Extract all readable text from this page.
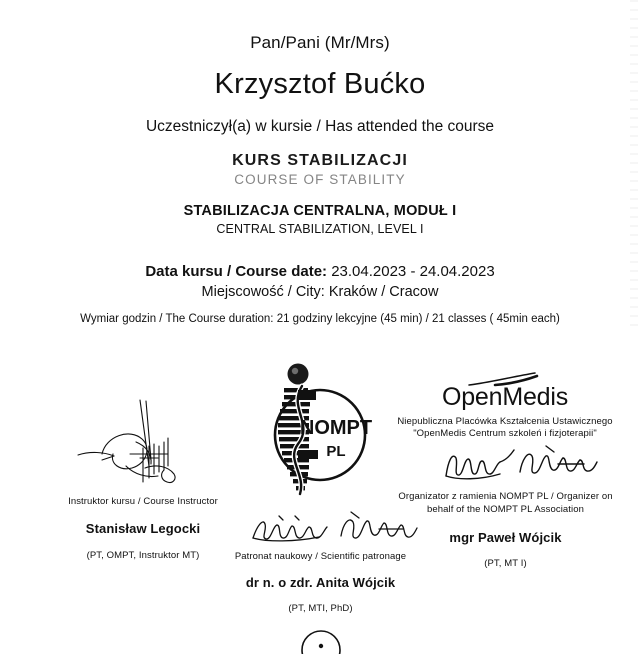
Pan/Pani (Mr/Mrs)
Krzysztof Bućko
Uczestniczył(a) w kursie / Has attended the course
KURS STABILIZACJI
COURSE OF STABILITY
STABILIZACJA CENTRALNA, MODUŁ I
CENTRAL STABILIZATION, LEVEL I
Data kursu / Course date: 23.04.2023 - 24.04.2023
Miejscowość / City: Kraków / Cracow
Wymiar godzin / The Course duration: 21 godziny lekcyjne (45 min) / 21 classes ( 45min each)
NOMPT
PL
OpenMedis
Niepubliczna Placówka Kształcenia Ustawicznego
"OpenMedis Centrum szkoleń i fizjoterapii"
Instruktor kursu / Course Instructor
Stanisław Legocki
(PT, OMPT, Instruktor MT)
Organizator z ramienia NOMPT PL / Organizer on behalf of the NOMPT PL Association
mgr Paweł Wójcik
(PT, MT I)
Patronat naukowy / Scientific patronage
dr n. o zdr. Anita Wójcik
(PT, MTI, PhD)
